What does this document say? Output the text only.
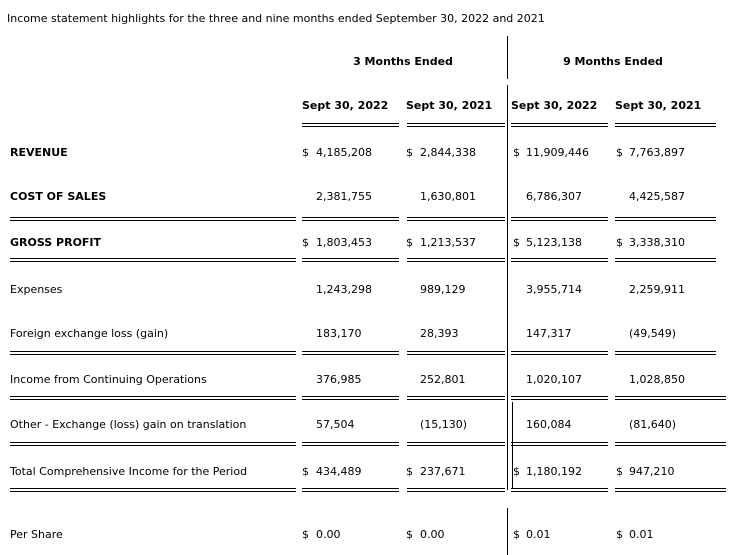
Income statement highlights for the three and nine months ended September 30, 2022 and 2021
3 Months Ended	9 Months Ended
Sept 30, 2022 Sept 30, 2021 Sept 30, 2022 Sept 30, 2021
REVENUE	$ 4,185,208	$ 2,844,338	$ 11,909,446 $ 7,763,897
COST OF SALES	2,381,755	1,630,801	6,786,307	4,425,587
GROSS PROFIT	$ 1,803,453	$ 1,213,537	$ 5,123,138	$ 3,338,310
Expenses	1,243,298	989,129	3,955,714	2,259,911
Foreign exchange loss (gain)	183,170	28,393	147,317	(49,549)
Income from Continuing Operations	376,985	252,801	1,020,107	1,028,850
Other - Exchange (loss) gain on translation	57,504	(15,130)	160,084	(81,640)
Total Comprehensive Income for the Period	$ 434,489	$ 237,671	$ 1,180,192	$ 947,210
Per Share	$ 0.00	$ 0.00	$ 0.01	$ 0.01
